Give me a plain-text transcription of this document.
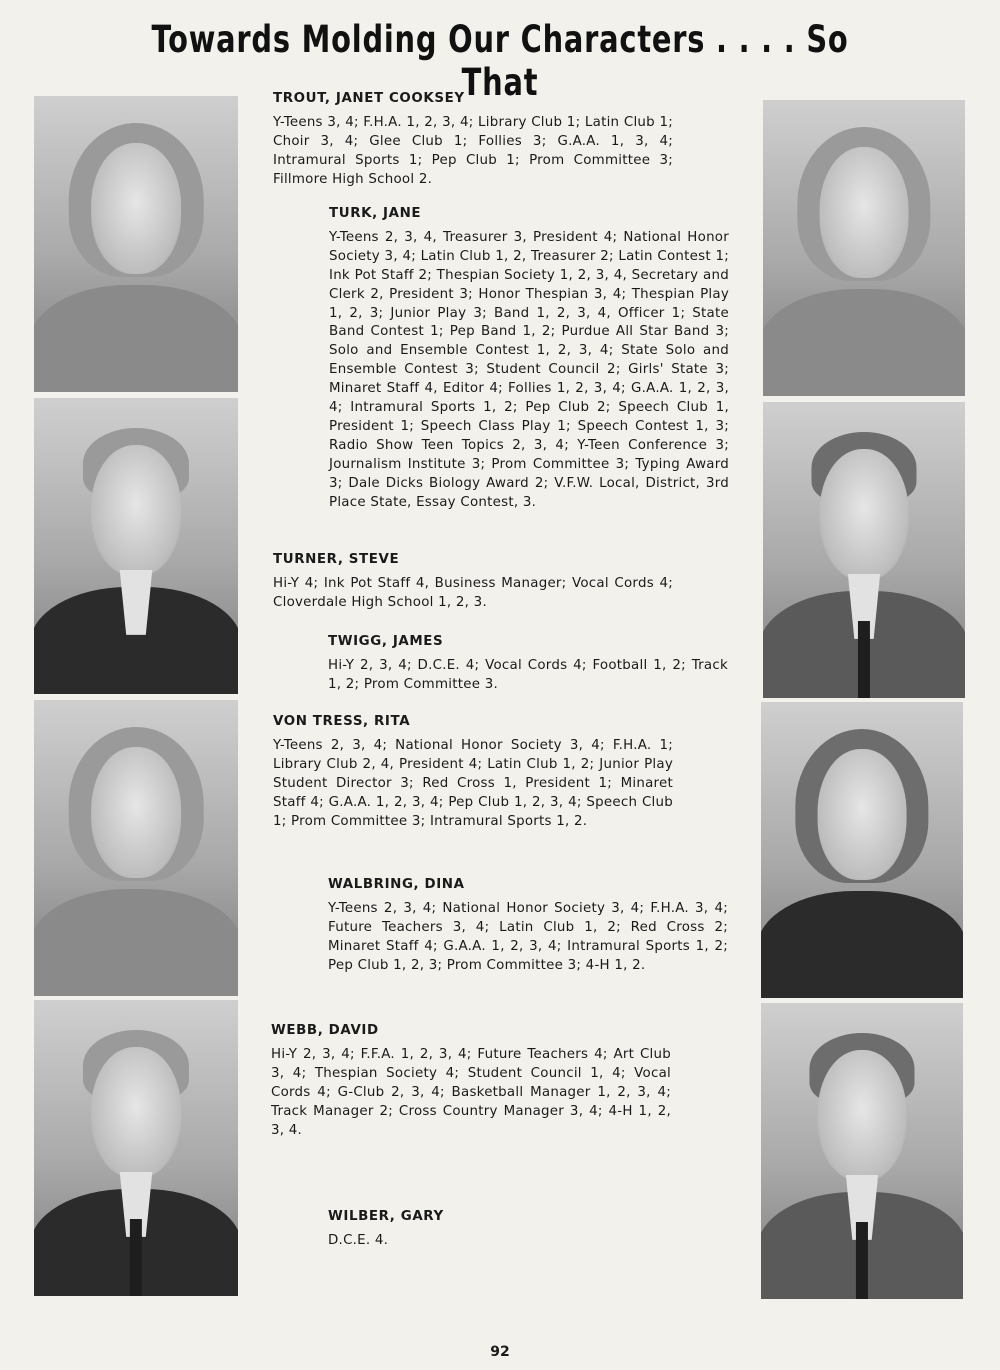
Towards Molding Our Characters . . . . So That
TROUT, JANET COOKSEY
Y-Teens 3, 4; F.H.A. 1, 2, 3, 4; Library Club 1; Latin Club 1; Choir 3, 4; Glee Club 1; Follies 3; G.A.A. 1, 3, 4; Intramural Sports 1; Pep Club 1; Prom Committee 3; Fillmore High School 2.
TURK, JANE
Y-Teens 2, 3, 4, Treasurer 3, President 4; National Honor Society 3, 4; Latin Club 1, 2, Treasurer 2; Latin Contest 1; Ink Pot Staff 2; Thespian Society 1, 2, 3, 4, Secretary and Clerk 2, President 3; Honor Thespian 3, 4; Thespian Play 1, 2, 3; Junior Play 3; Band 1, 2, 3, 4, Officer 1; State Band Contest 1; Pep Band 1, 2; Purdue All Star Band 3; Solo and Ensemble Contest 1, 2, 3, 4; State Solo and Ensemble Contest 3; Student Council 2; Girls' State 3; Minaret Staff 4, Editor 4; Follies 1, 2, 3, 4; G.A.A. 1, 2, 3, 4; Intramural Sports 1, 2; Pep Club 2; Speech Club 1, President 1; Speech Class Play 1; Speech Contest 1, 3; Radio Show Teen Topics 2, 3, 4; Y-Teen Conference 3; Journalism Institute 3; Prom Committee 3; Typing Award 3; Dale Dicks Biology Award 2; V.F.W. Local, District, 3rd Place State, Essay Contest, 3.
TURNER, STEVE
Hi-Y 4; Ink Pot Staff 4, Business Manager; Vocal Cords 4; Cloverdale High School 1, 2, 3.
TWIGG, JAMES
Hi-Y 2, 3, 4; D.C.E. 4; Vocal Cords 4; Football 1, 2; Track 1, 2; Prom Committee 3.
VON TRESS, RITA
Y-Teens 2, 3, 4; National Honor Society 3, 4; F.H.A. 1; Library Club 2, 4, President 4; Latin Club 1, 2; Junior Play Student Director 3; Red Cross 1, President 1; Minaret Staff 4; G.A.A. 1, 2, 3, 4; Pep Club 1, 2, 3, 4; Speech Club 1; Prom Committee 3; Intramural Sports 1, 2.
WALBRING, DINA
Y-Teens 2, 3, 4; National Honor Society 3, 4; F.H.A. 3, 4; Future Teachers 3, 4; Latin Club 1, 2; Red Cross 2; Minaret Staff 4; G.A.A. 1, 2, 3, 4; Intramural Sports 1, 2; Pep Club 1, 2, 3; Prom Committee 3; 4-H 1, 2.
WEBB, DAVID
Hi-Y 2, 3, 4; F.F.A. 1, 2, 3, 4; Future Teachers 4; Art Club 3, 4; Thespian Society 4; Student Council 1, 4; Vocal Cords 4; G-Club 2, 3, 4; Basketball Manager 1, 2, 3, 4; Track Manager 2; Cross Country Manager 3, 4; 4-H 1, 2, 3, 4.
WILBER, GARY
D.C.E. 4.
92
